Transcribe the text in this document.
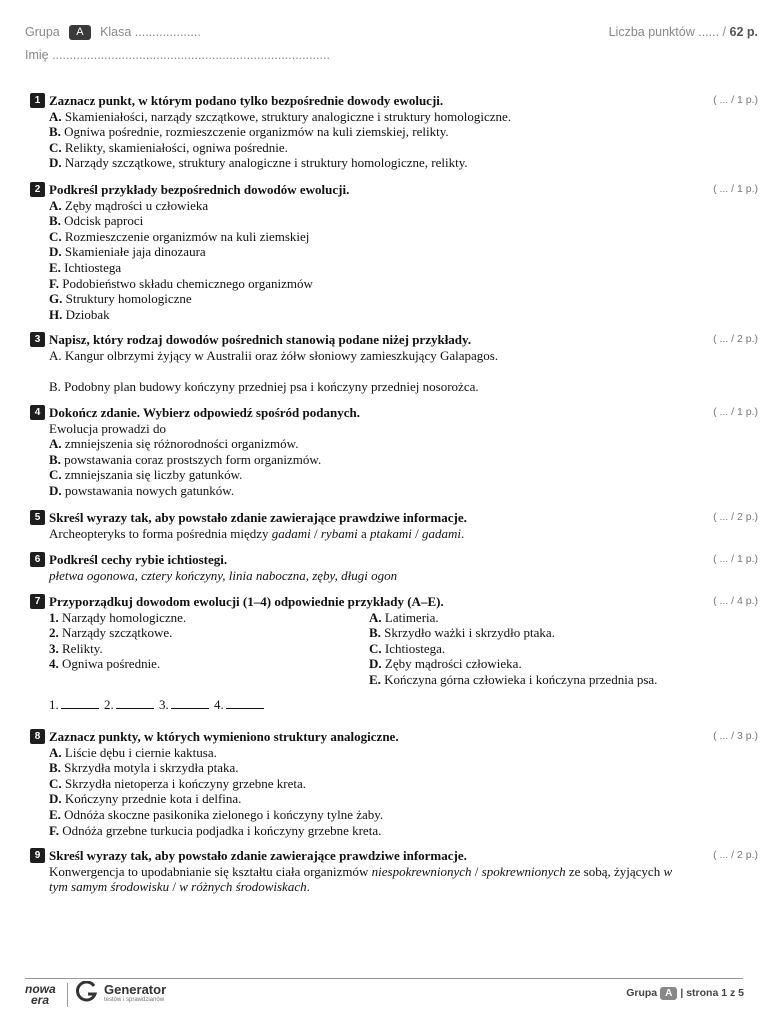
Grupa A Klasa ...................	Liczba punktów ...... / 62 p.
Imię ................................................................................
1 Zaznacz punkt, w którym podano tylko bezpośrednie dowody ewolucji.	( ... / 1 p.)
A. Skamieniałości, narządy szczątkowe, struktury analogiczne i struktury homologiczne.
B. Ogniwa pośrednie, rozmieszczenie organizmów na kuli ziemskiej, relikty.
C. Relikty, skamieniałości, ogniwa pośrednie.
D. Narządy szczątkowe, struktury analogiczne i struktury homologiczne, relikty.
2 Podkreśl przykłady bezpośrednich dowodów ewolucji.	( ... / 1 p.)
A. Zęby mądrości u człowieka
B. Odcisk paproci
C. Rozmieszczenie organizmów na kuli ziemskiej
D. Skamieniałe jaja dinozaura
E. Ichtiostega
F. Podobieństwo składu chemicznego organizmów
G. Struktury homologiczne
H. Dziobak
3 Napisz, który rodzaj dowodów pośrednich stanowią podane niżej przykłady.	( ... / 2 p.)
A. Kangur olbrzymi żyjący w Australii oraz żółw słoniowy zamieszkujący Galapagos.
B. Podobny plan budowy kończyny przedniej psa i kończyny przedniej nosorożca.
4 Dokończ zdanie. Wybierz odpowiedź spośród podanych.	( ... / 1 p.)
Ewolucja prowadzi do
A. zmniejszenia się różnorodności organizmów.
B. powstawania coraz prostszych form organizmów.
C. zmniejszania się liczby gatunków.
D. powstawania nowych gatunków.
5 Skreśl wyrazy tak, aby powstało zdanie zawierające prawdziwe informacje.	( ... / 2 p.)
Archeopteryks to forma pośrednia między gadami / rybami a ptakami / gadami.
6 Podkreśl cechy rybie ichtiostegi.	( ... / 1 p.)
płetwa ogonowa, cztery kończyny, linia naboczna, zęby, długi ogon
7 Przyporządkuj dowodom ewolucji (1–4) odpowiednie przykłady (A–E).	( ... / 4 p.)
1. Narządy homologiczne.
2. Narządy szczątkowe.
3. Relikty.
4. Ogniwa pośrednie.
A. Latimeria.
B. Skrzydło ważki i skrzydło ptaka.
C. Ichtiostega.
D. Zęby mądrości człowieka.
E. Kończyna górna człowieka i kończyna przednia psa.
1.	2.	3.	4.
8 Zaznacz punkty, w których wymieniono struktury analogiczne.	( ... / 3 p.)
A. Liście dębu i ciernie kaktusa.
B. Skrzydła motyla i skrzydła ptaka.
C. Skrzydła nietoperza i kończyny grzebne kreta.
D. Kończyny przednie kota i delfina.
E. Odnóża skoczne pasikonika zielonego i kończyny tylne żaby.
F. Odnóża grzebne turkucia podjadka i kończyny grzebne kreta.
9 Skreśl wyrazy tak, aby powstało zdanie zawierające prawdziwe informacje.	( ... / 2 p.)
Konwergencja to upodabnianie się kształtu ciała organizmów niespokrewnionych / spokrewnionych ze sobą, żyjących w tym samym środowisku / w różnych środowiskach.
nowa
era
Generator
testów i sprawdzianów
Grupa A | strona 1 z 5
